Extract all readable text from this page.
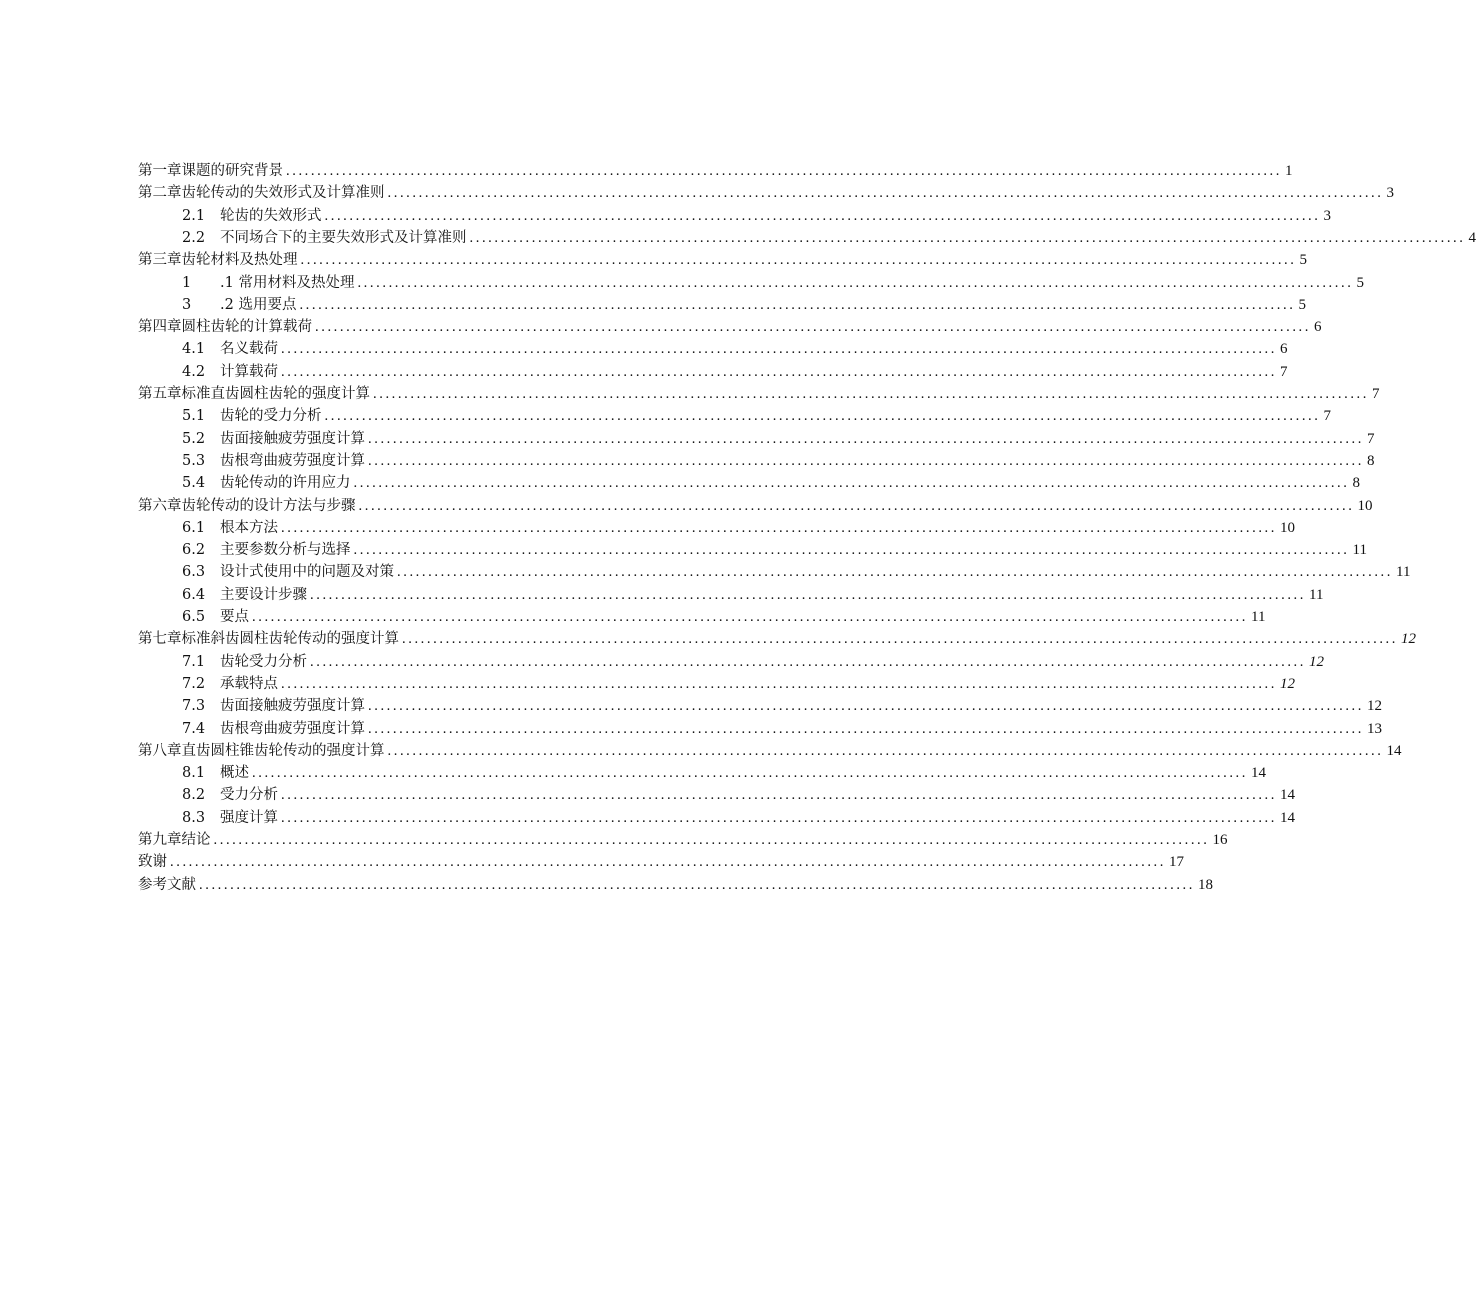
第一章课题的研究背景 ................................................................................................................................................................ 1
第二章齿轮传动的失效形式及计算准则 ................................................................................................................................................................ 3
2.1	轮齿的失效形式 ................................................................................................................................................................ 3
2.2	不同场合下的主要失效形式及计算准则 ................................................................................................................................................................ 4
第三章齿轮材料及热处理 ................................................................................................................................................................ 5
1	.1 常用材料及热处理 ................................................................................................................................................................ 5
3	.2 选用要点 ................................................................................................................................................................ 5
第四章圆柱齿轮的计算载荷 ................................................................................................................................................................ 6
4.1	名义载荷 ................................................................................................................................................................ 6
4.2	计算载荷 ................................................................................................................................................................ 7
第五章标准直齿圆柱齿轮的强度计算 ................................................................................................................................................................ 7
5.1	齿轮的受力分析 ................................................................................................................................................................ 7
5.2	齿面接触疲劳强度计算 ................................................................................................................................................................ 7
5.3	齿根弯曲疲劳强度计算 ................................................................................................................................................................ 8
5.4	齿轮传动的许用应力 ................................................................................................................................................................ 8
第六章齿轮传动的设计方法与步骤 ................................................................................................................................................................ 10
6.1	根本方法 ................................................................................................................................................................ 10
6.2	主要参数分析与选择 ................................................................................................................................................................ 11
6.3	设计式使用中的问题及对策 ................................................................................................................................................................ 11
6.4	主要设计步骤 ................................................................................................................................................................ 11
6.5	要点 ................................................................................................................................................................ 11
第七章标准斜齿圆柱齿轮传动的强度计算 ................................................................................................................................................................ 12
7.1	齿轮受力分析 ................................................................................................................................................................ 12
7.2	承载特点 ................................................................................................................................................................ 12
7.3	齿面接触疲劳强度计算 ................................................................................................................................................................ 12
7.4	齿根弯曲疲劳强度计算 ................................................................................................................................................................ 13
第八章直齿圆柱锥齿轮传动的强度计算 ................................................................................................................................................................ 14
8.1	概述 ................................................................................................................................................................ 14
8.2	受力分析 ................................................................................................................................................................ 14
8.3	强度计算 ................................................................................................................................................................ 14
第九章结论 ................................................................................................................................................................ 16
致谢 ................................................................................................................................................................ 17
参考文献 ................................................................................................................................................................ 18
